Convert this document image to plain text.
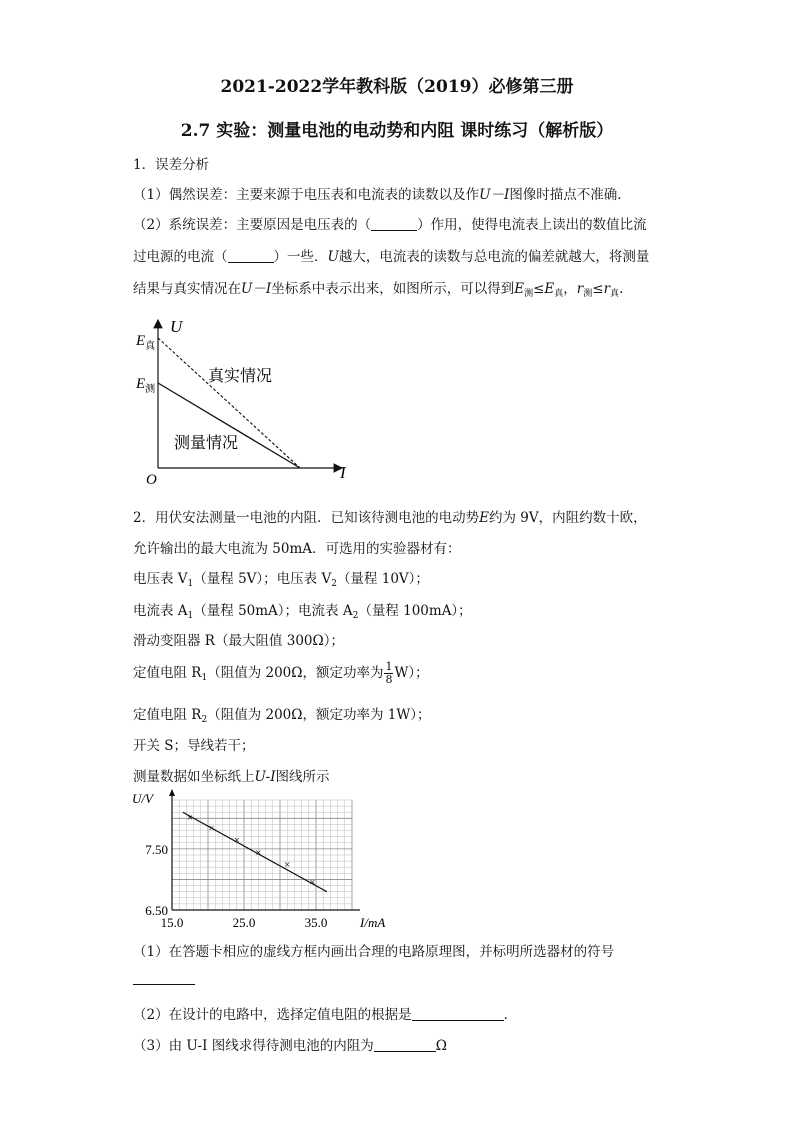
2021-2022学年教科版（2019）必修第三册
2.7 实验：测量电池的电动势和内阻 课时练习（解析版）
1．误差分析
（1）偶然误差：主要来源于电压表和电流表的读数以及作U－I图像时描点不准确．
（2）系统误差：主要原因是电压表的（	）作用，使得电流表上读出的数值比流
过电源的电流（	）一些．U越大，电流表的读数与总电流的偏差就越大，将测量
结果与真实情况在U－I坐标系中表示出来，如图所示，可以得到$E_测\le E_真$，$r_测\le r_真$.
U
I
O
$E_真$
$E_测$
真实情况
测量情况
2．用伏安法测量一电池的内阻．已知该待测电池的电动势E约为 9V，内阻约数十欧，
允许输出的最大电流为 50mA．可选用的实验器材有：
电压表 $V_1$（量程 5V）；电压表 $V_2$（量程 10V）；
电流表 $A_1$（量程 50mA）；电流表 $A_2$（量程 100mA）；
滑动变阻器 R（最大阻值 300Ω）；
定值电阻 $R_1$（阻值为 200Ω，额定功率为 $\frac{1}{8} W$）；
定值电阻 $R_2$（阻值为 200Ω，额定功率为 1W）；
开关 S；导线若干；
测量数据如坐标纸上U-I图线所示
×
×
×
×
×
×
15.0	25.0	35.0
6.50
7.50
I/mA
U/V
（1）在答题卡相应的虚线方框内画出合理的电路原理图，并标明所选器材的符号
（2）在设计的电路中，选择定值电阻的根据是	．
（3）由 U-I 图线求得待测电池的内阻为	Ω
